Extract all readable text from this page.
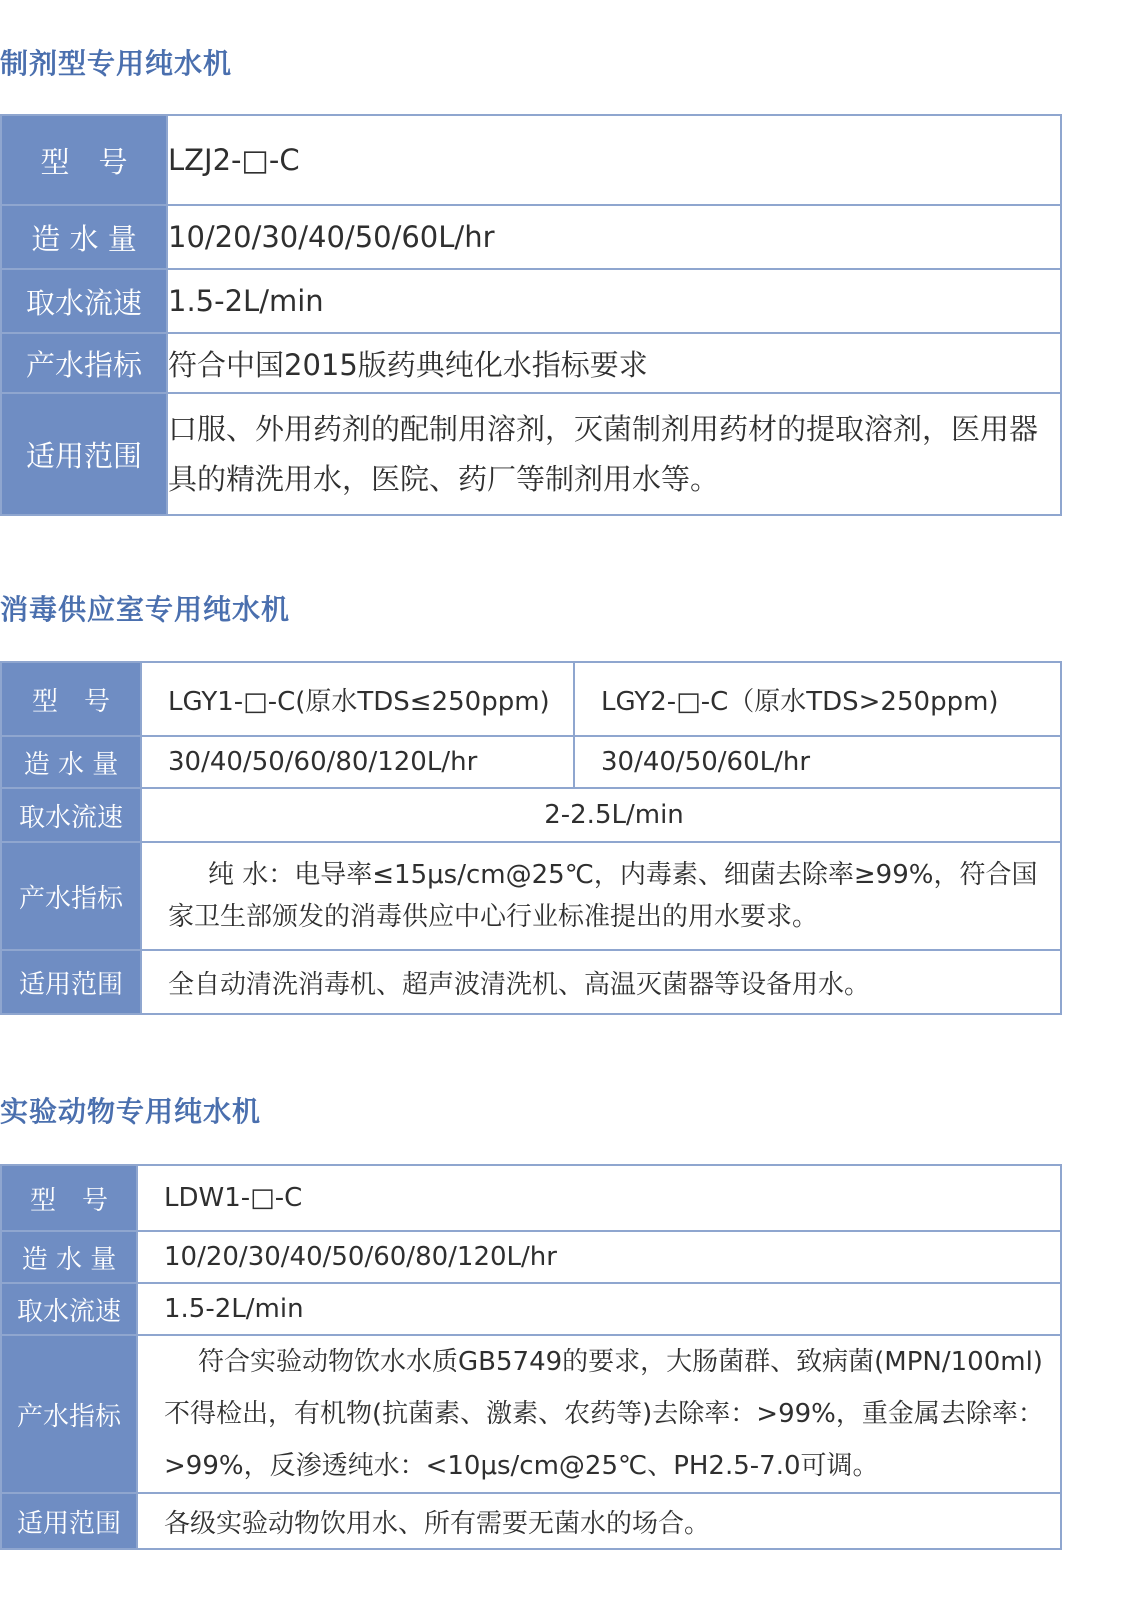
制剂型专用纯水机
型　号	LZJ2-□-C
造 水 量	10/20/30/40/50/60L/hr
取水流速	1.5-2L/min
产水指标	符合中国2015版药典纯化水指标要求
适用范围	口服、外用药剂的配制用溶剂，灭菌制剂用药材的提取溶剂，医用器具的精洗用水，医院、药厂等制剂用水等。
消毒供应室专用纯水机
型　号	LGY1-□-C(原水TDS≤250ppm)	LGY2-□-C（原水TDS>250ppm)
造 水 量	30/40/50/60/80/120L/hr	30/40/50/60L/hr
取水流速	2-2.5L/min	
产水指标	纯 水：电导率≤15μs/cm@25℃，内毒素、细菌去除率≥99%，符合国家卫生部颁发的消毒供应中心行业标准提出的用水要求。	
适用范围	全自动清洗消毒机、超声波清洗机、高温灭菌器等设备用水。	
实验动物专用纯水机
型　号	LDW1-□-C
造 水 量	10/20/30/40/50/60/80/120L/hr
取水流速	1.5-2L/min
产水指标	符合实验动物饮水水质GB5749的要求，大肠菌群、致病菌(MPN/100ml)不得检出，有机物(抗菌素、激素、农药等)去除率：>99%，重金属去除率：>99%，反渗透纯水：<10μs/cm@25℃、PH2.5-7.0可调。
适用范围	各级实验动物饮用水、所有需要无菌水的场合。
